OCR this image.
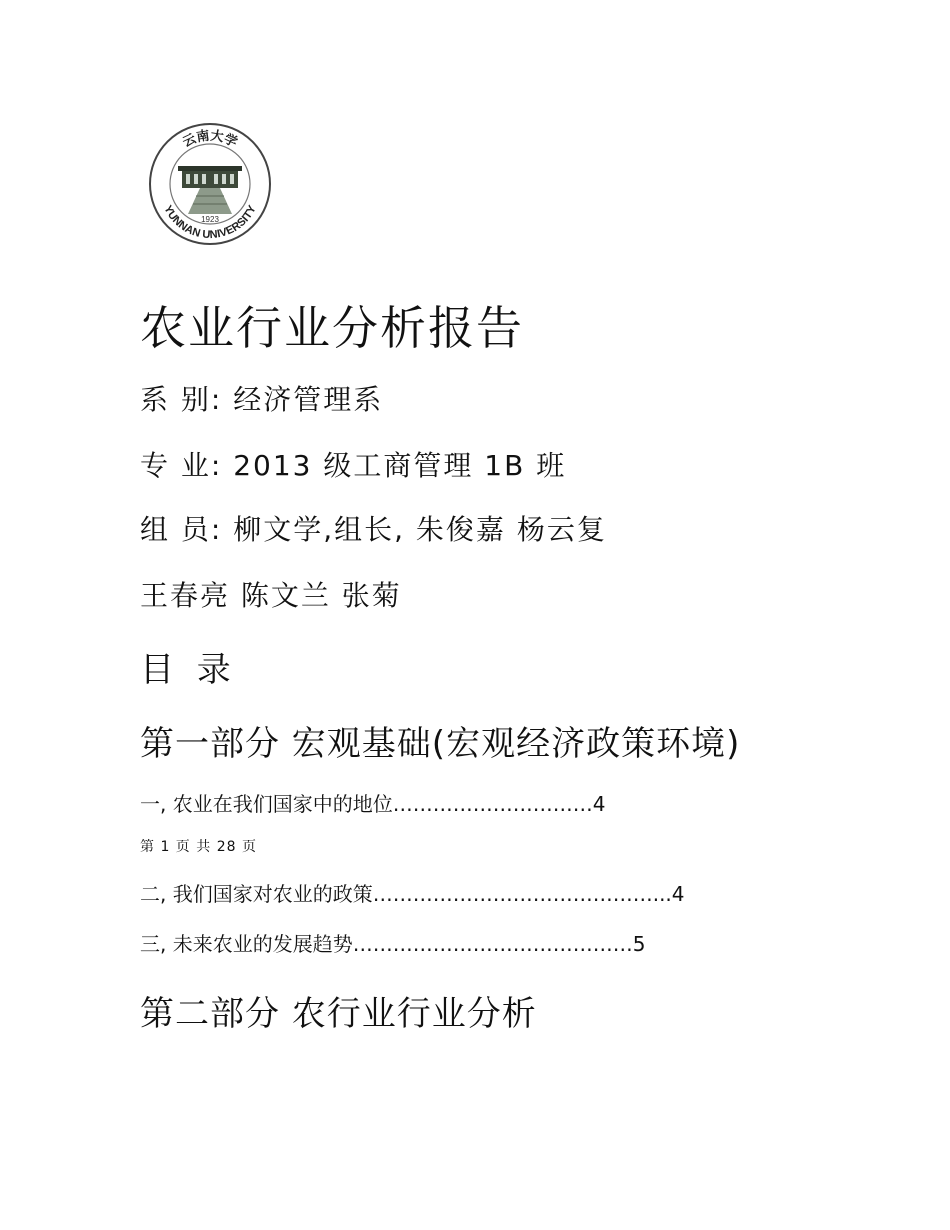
云南大学
YUNNAN UNIVERSITY
1923
农业行业分析报告
系 别: 经济管理系
专 业: 2013 级工商管理 1B 班
组 员: 柳文学,组长, 朱俊嘉 杨云复
王春亮 陈文兰 张菊
目 录
第一部分 宏观基础(宏观经济政策环境)
一, 农业在我们国家中的地位…………………………4
第 1 页 共 28 页
二, 我们国家对农业的政策……………………………………...4
三, 未来农业的发展趋势……………………………………5
第二部分 农行业行业分析
